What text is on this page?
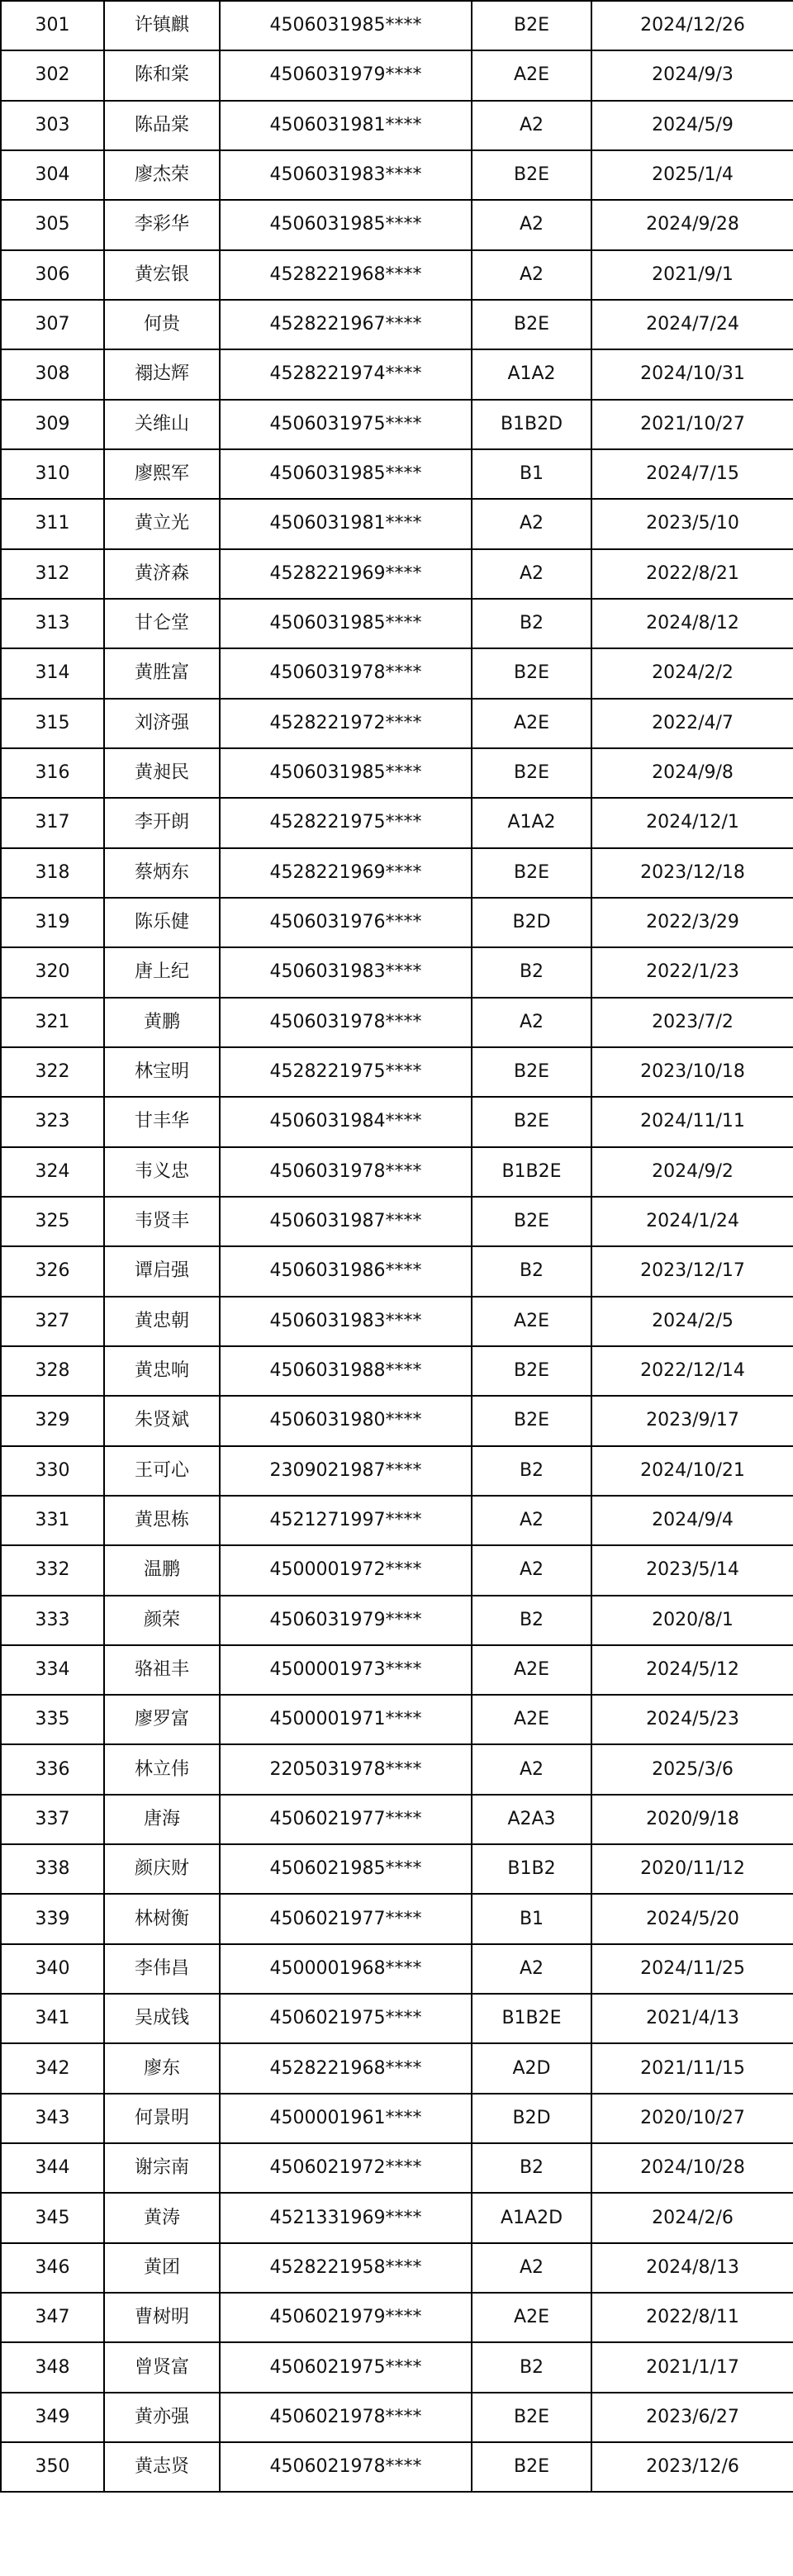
301	许镇麒	4506031985****	B2E	2024/12/26
302	陈和棠	4506031979****	A2E	2024/9/3
303	陈品棠	4506031981****	A2	2024/5/9
304	廖杰荣	4506031983****	B2E	2025/1/4
305	李彩华	4506031985****	A2	2024/9/28
306	黄宏银	4528221968****	A2	2021/9/1
307	何贵	4528221967****	B2E	2024/7/24
308	禤达辉	4528221974****	A1A2	2024/10/31
309	关维山	4506031975****	B1B2D	2021/10/27
310	廖熙军	4506031985****	B1	2024/7/15
311	黄立光	4506031981****	A2	2023/5/10
312	黄济森	4528221969****	A2	2022/8/21
313	甘仑堂	4506031985****	B2	2024/8/12
314	黄胜富	4506031978****	B2E	2024/2/2
315	刘济强	4528221972****	A2E	2022/4/7
316	黄昶民	4506031985****	B2E	2024/9/8
317	李开朗	4528221975****	A1A2	2024/12/1
318	蔡炳东	4528221969****	B2E	2023/12/18
319	陈乐健	4506031976****	B2D	2022/3/29
320	唐上纪	4506031983****	B2	2022/1/23
321	黄鹏	4506031978****	A2	2023/7/2
322	林宝明	4528221975****	B2E	2023/10/18
323	甘丰华	4506031984****	B2E	2024/11/11
324	韦义忠	4506031978****	B1B2E	2024/9/2
325	韦贤丰	4506031987****	B2E	2024/1/24
326	谭启强	4506031986****	B2	2023/12/17
327	黄忠朝	4506031983****	A2E	2024/2/5
328	黄忠响	4506031988****	B2E	2022/12/14
329	朱贤斌	4506031980****	B2E	2023/9/17
330	王可心	2309021987****	B2	2024/10/21
331	黄思栋	4521271997****	A2	2024/9/4
332	温鹏	4500001972****	A2	2023/5/14
333	颜荣	4506031979****	B2	2020/8/1
334	骆祖丰	4500001973****	A2E	2024/5/12
335	廖罗富	4500001971****	A2E	2024/5/23
336	林立伟	2205031978****	A2	2025/3/6
337	唐海	4506021977****	A2A3	2020/9/18
338	颜庆财	4506021985****	B1B2	2020/11/12
339	林树衡	4506021977****	B1	2024/5/20
340	李伟昌	4500001968****	A2	2024/11/25
341	吴成钱	4506021975****	B1B2E	2021/4/13
342	廖东	4528221968****	A2D	2021/11/15
343	何景明	4500001961****	B2D	2020/10/27
344	谢宗南	4506021972****	B2	2024/10/28
345	黄涛	4521331969****	A1A2D	2024/2/6
346	黄团	4528221958****	A2	2024/8/13
347	曹树明	4506021979****	A2E	2022/8/11
348	曾贤富	4506021975****	B2	2021/1/17
349	黄亦强	4506021978****	B2E	2023/6/27
350	黄志贤	4506021978****	B2E	2023/12/6
